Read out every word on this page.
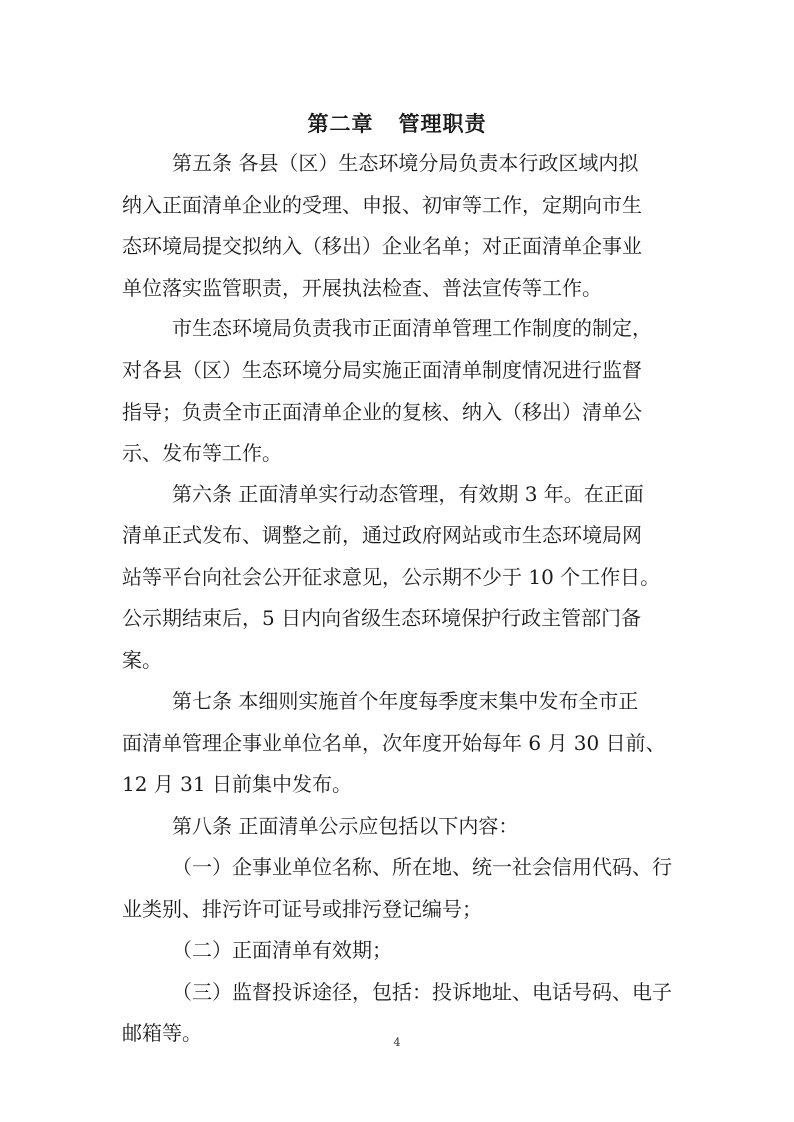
第二章   管理职责
第五条 各县（区）生态环境分局负责本行政区域内拟
纳入正面清单企业的受理、申报、初审等工作，定期向市生
态环境局提交拟纳入（移出）企业名单；对正面清单企事业
单位落实监管职责，开展执法检查、普法宣传等工作。
市生态环境局负责我市正面清单管理工作制度的制定，
对各县（区）生态环境分局实施正面清单制度情况进行监督
指导；负责全市正面清单企业的复核、纳入（移出）清单公
示、发布等工作。
第六条 正面清单实行动态管理，有效期 3 年。在正面
清单正式发布、调整之前，通过政府网站或市生态环境局网
站等平台向社会公开征求意见，公示期不少于 10 个工作日。
公示期结束后，5 日内向省级生态环境保护行政主管部门备
案。
第七条 本细则实施首个年度每季度末集中发布全市正
面清单管理企事业单位名单，次年度开始每年 6 月 30 日前、
12 月 31 日前集中发布。
第八条 正面清单公示应包括以下内容：
（一）企事业单位名称、所在地、统一社会信用代码、行
业类别、排污许可证号或排污登记编号；
（二）正面清单有效期；
（三）监督投诉途径，包括：投诉地址、电话号码、电子
邮箱等。	4
